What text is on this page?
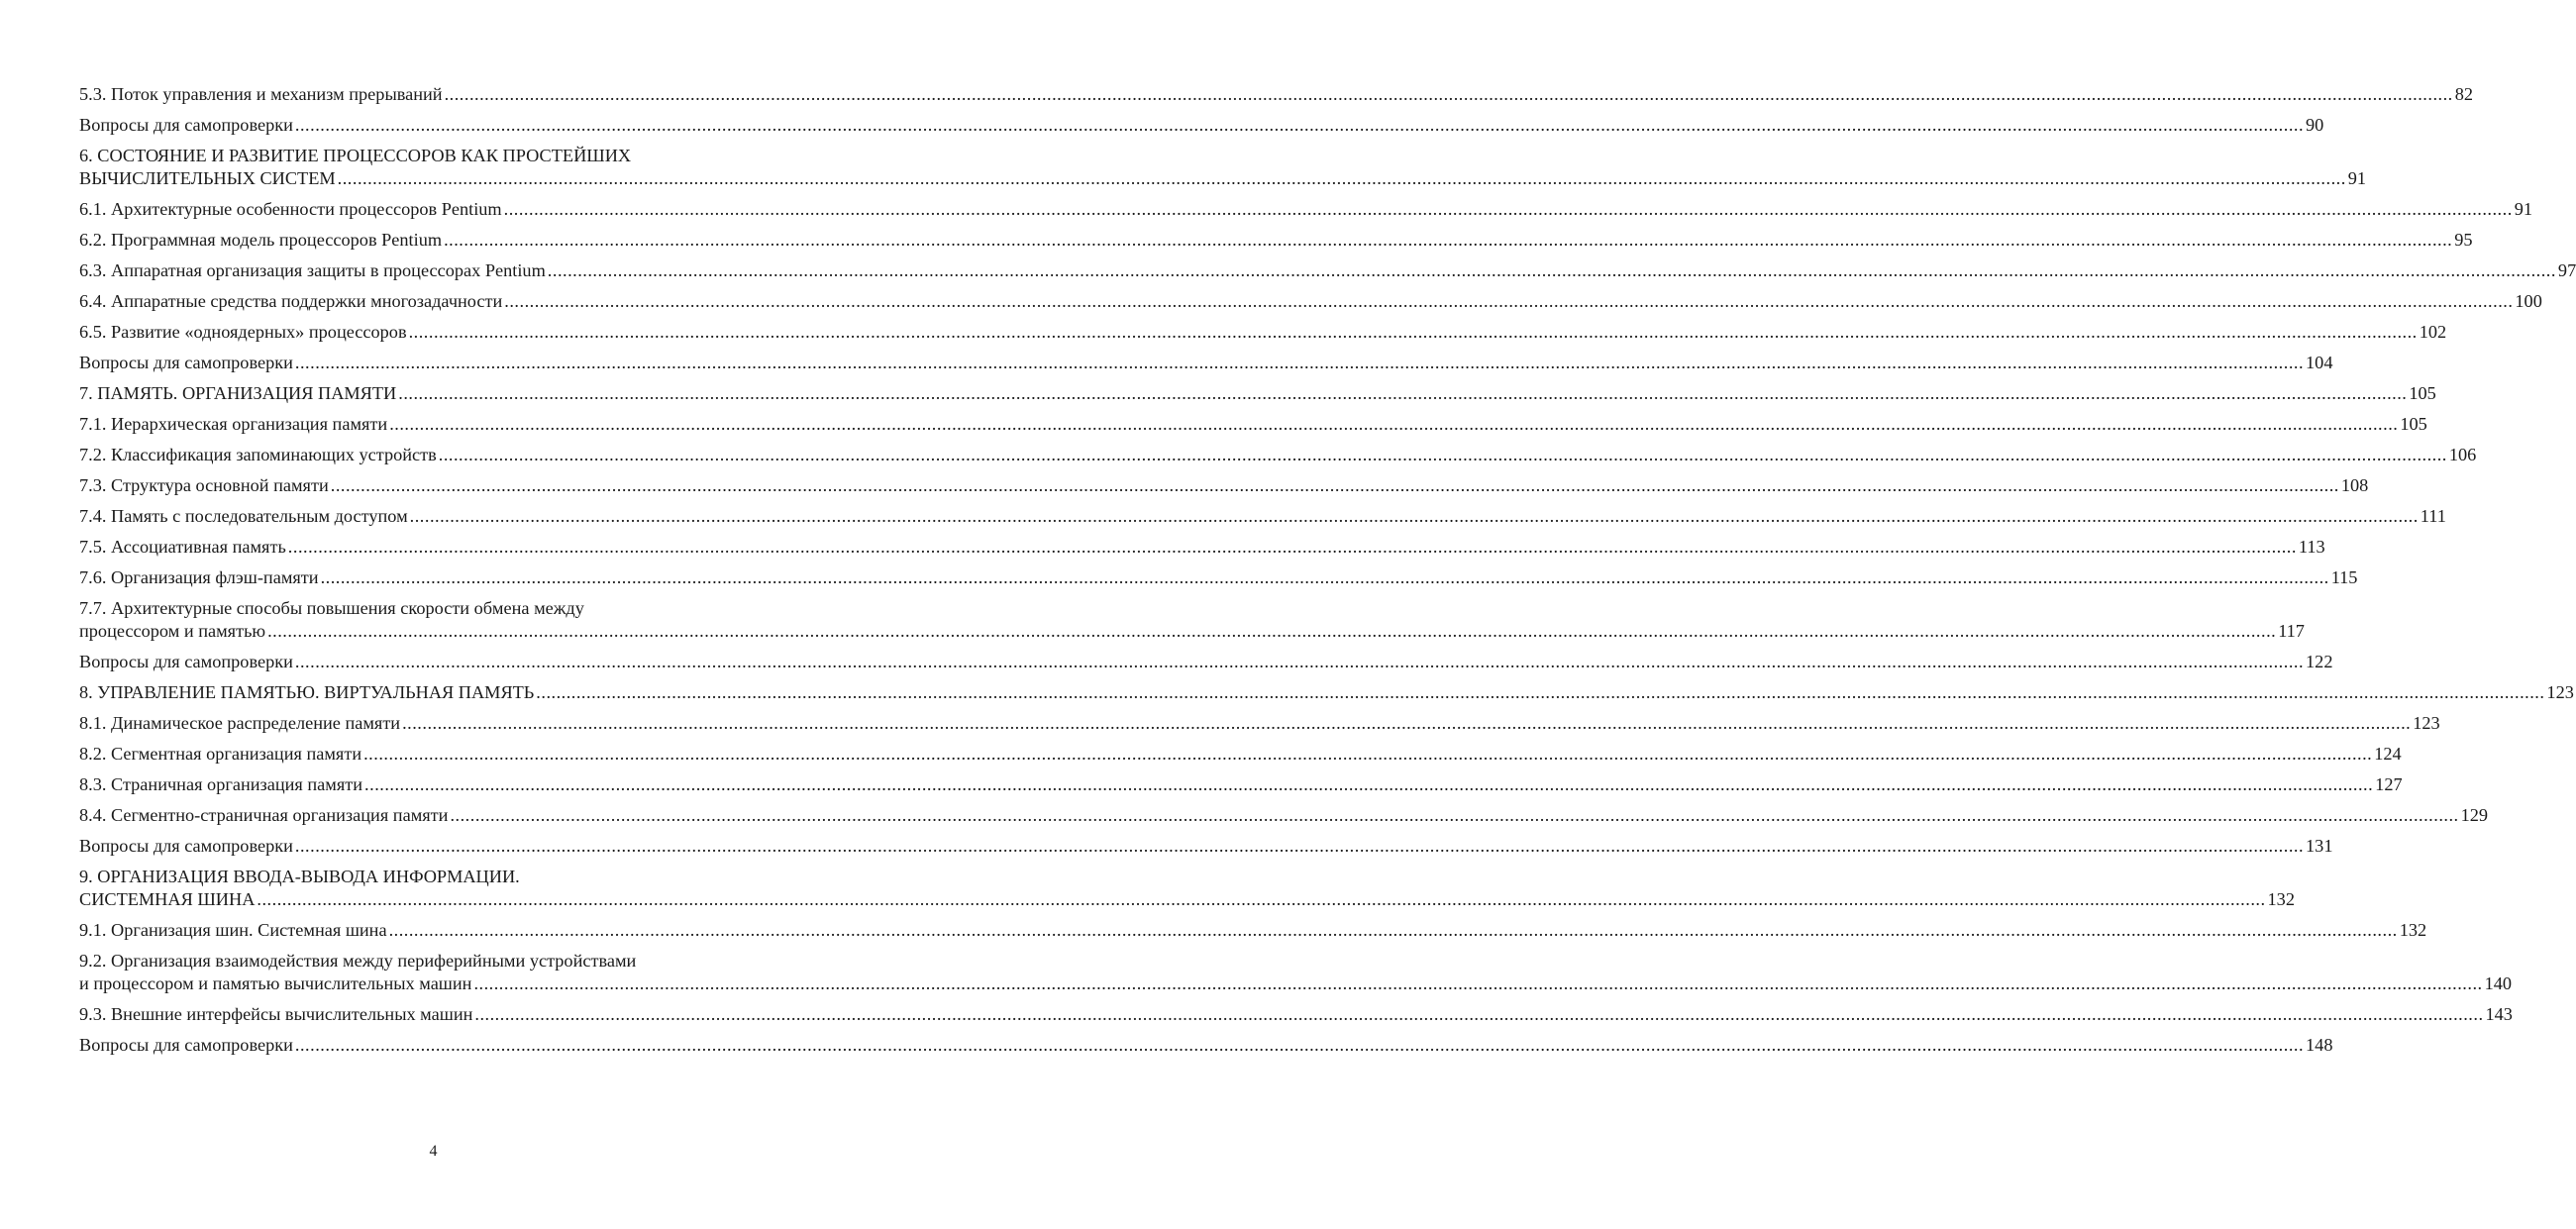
5.3. Поток управления и механизм прерываний ................................................................................................................................................................................................................................................................................................................................................................................................................ 82
Вопросы для самопроверки ................................................................................................................................................................................................................................................................................................................................................................................................................ 90
6. СОСТОЯНИЕ И РАЗВИТИЕ ПРОЦЕССОРОВ КАК ПРОСТЕЙШИХ
ВЫЧИСЛИТЕЛЬНЫХ СИСТЕМ ................................................................................................................................................................................................................................................................................................................................................................................................................ 91
6.1. Архитектурные особенности процессоров Pentium ................................................................................................................................................................................................................................................................................................................................................................................................................ 91
6.2. Программная модель процессоров Pentium ................................................................................................................................................................................................................................................................................................................................................................................................................ 95
6.3. Аппаратная организация защиты в процессорах Pentium ................................................................................................................................................................................................................................................................................................................................................................................................................ 97
6.4. Аппаратные средства поддержки многозадачности ................................................................................................................................................................................................................................................................................................................................................................................................................ 100
6.5. Развитие «одноядерных» процессоров ................................................................................................................................................................................................................................................................................................................................................................................................................ 102
Вопросы для самопроверки ................................................................................................................................................................................................................................................................................................................................................................................................................ 104
7. ПАМЯТЬ. ОРГАНИЗАЦИЯ ПАМЯТИ ................................................................................................................................................................................................................................................................................................................................................................................................................ 105
7.1. Иерархическая организация памяти ................................................................................................................................................................................................................................................................................................................................................................................................................ 105
7.2. Классификация запоминающих устройств ................................................................................................................................................................................................................................................................................................................................................................................................................ 106
7.3. Структура основной памяти ................................................................................................................................................................................................................................................................................................................................................................................................................ 108
7.4. Память с последовательным доступом ................................................................................................................................................................................................................................................................................................................................................................................................................ 111
7.5. Ассоциативная память ................................................................................................................................................................................................................................................................................................................................................................................................................ 113
7.6. Организация флэш-памяти ................................................................................................................................................................................................................................................................................................................................................................................................................ 115
7.7. Архитектурные способы повышения скорости обмена между
процессором и памятью ................................................................................................................................................................................................................................................................................................................................................................................................................ 117
Вопросы для самопроверки ................................................................................................................................................................................................................................................................................................................................................................................................................ 122
8. УПРАВЛЕНИЕ ПАМЯТЬЮ. ВИРТУАЛЬНАЯ ПАМЯТЬ ................................................................................................................................................................................................................................................................................................................................................................................................................ 123
8.1. Динамическое распределение памяти ................................................................................................................................................................................................................................................................................................................................................................................................................ 123
8.2. Сегментная организация памяти ................................................................................................................................................................................................................................................................................................................................................................................................................ 124
8.3. Страничная организация памяти ................................................................................................................................................................................................................................................................................................................................................................................................................ 127
8.4. Сегментно-страничная организация памяти ................................................................................................................................................................................................................................................................................................................................................................................................................ 129
Вопросы для самопроверки ................................................................................................................................................................................................................................................................................................................................................................................................................ 131
9. ОРГАНИЗАЦИЯ ВВОДА-ВЫВОДА ИНФОРМАЦИИ.
СИСТЕМНАЯ ШИНА ................................................................................................................................................................................................................................................................................................................................................................................................................ 132
9.1. Организация шин. Системная шина ................................................................................................................................................................................................................................................................................................................................................................................................................ 132
9.2. Организация взаимодействия между периферийными устройствами
и процессором и памятью вычислительных машин ................................................................................................................................................................................................................................................................................................................................................................................................................ 140
9.3. Внешние интерфейсы вычислительных машин ................................................................................................................................................................................................................................................................................................................................................................................................................ 143
Вопросы для самопроверки ................................................................................................................................................................................................................................................................................................................................................................................................................ 148
4
